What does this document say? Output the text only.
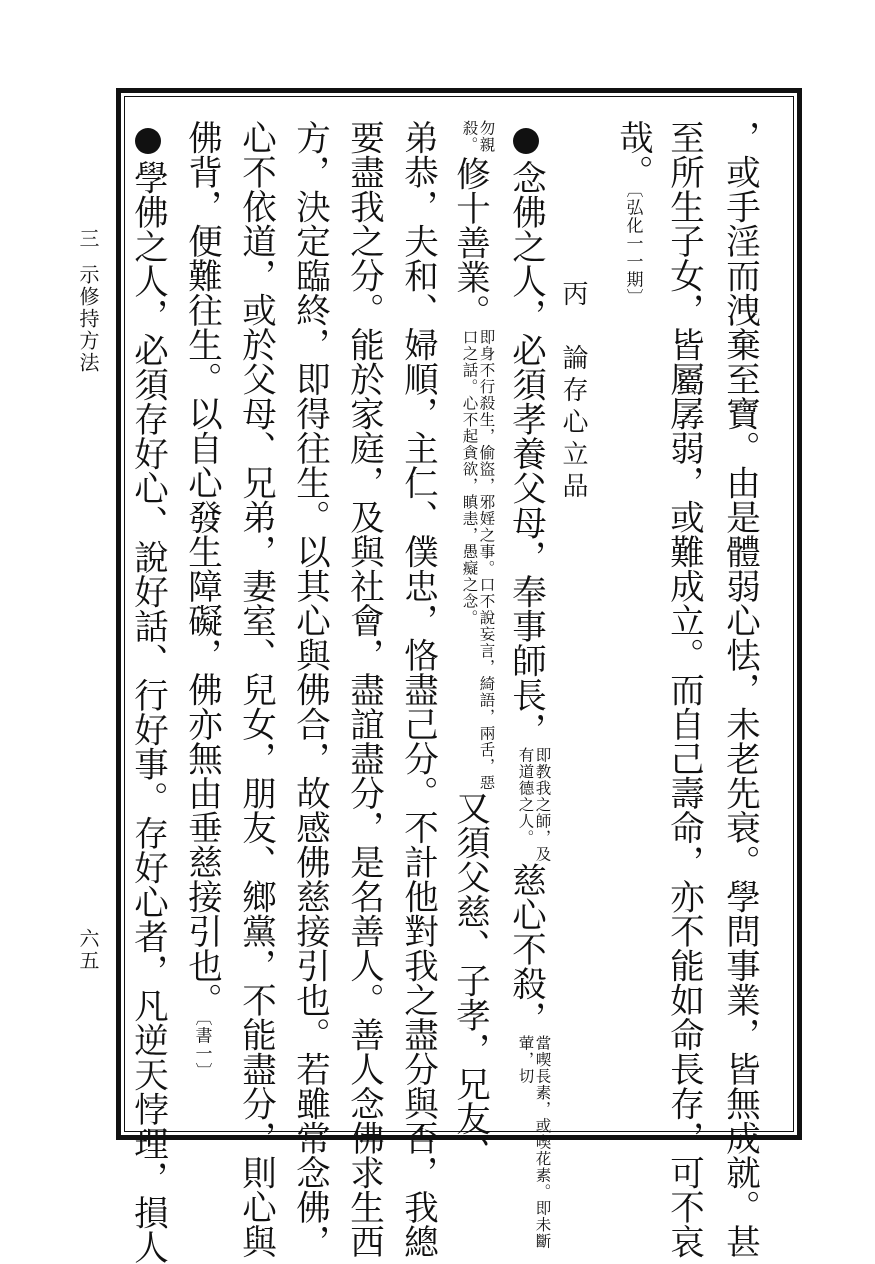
三
示修持方法
六五	，或手淫而洩棄至寶。由是體弱心怯，未老先衰。學問事業，皆無成就。甚
至所生子女，皆屬孱弱，或難成立。而自己壽命，亦不能如命長存，可不哀
哉。〔弘化一一期〕
丙　論存心立品
念佛之人，必須孝養父母，奉事師長，即教我之師，及有道德之人。慈心不殺，當喫長素，或喫花素。即未斷葷，切
勿親殺。修十善業。即身不行殺生，偷盜，邪婬之事。口不說妄言，綺語，兩舌，惡口之話。心不起貪欲，瞋恚，愚癡之念。又須父慈、子孝，兄友、
弟恭，夫和、婦順，主仁、僕忠，恪盡己分。不計他對我之盡分與否，我總
要盡我之分。能於家庭，及與社會，盡誼盡分，是名善人。善人念佛求生西
方，決定臨終，即得往生。以其心與佛合，故感佛慈接引也。若雖常念佛，
心不依道，或於父母、兄弟，妻室、兒女，朋友、鄉黨，不能盡分，則心與
佛背，便難往生。以自心發生障礙，佛亦無由垂慈接引也。〔書一〕
學佛之人，必須存好心、說好話、行好事。存好心者，凡逆天悖理，損人
